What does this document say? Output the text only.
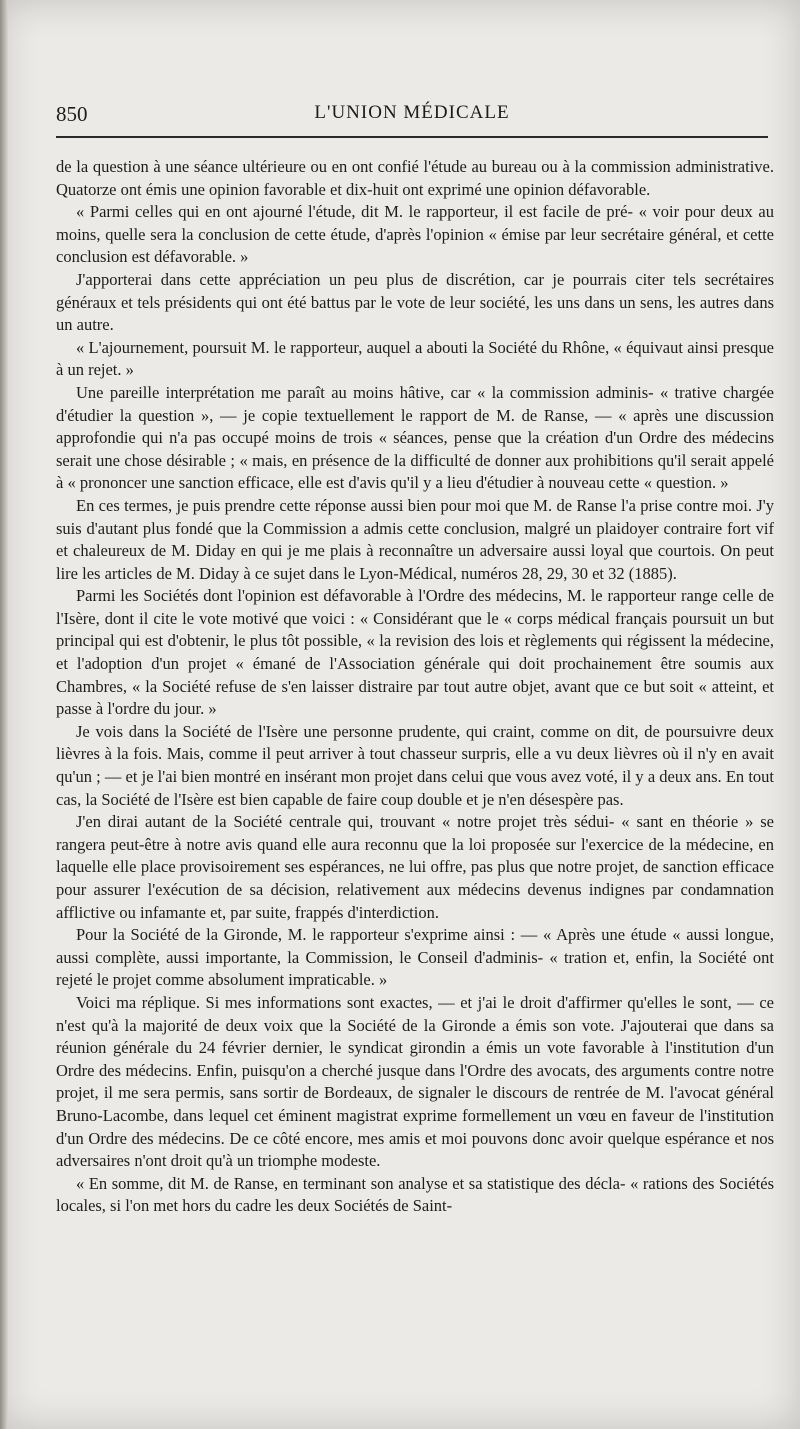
850	L'UNION MÉDICALE

de la question à une séance ultérieure ou en ont confié l'étude au bureau ou à la commission administrative. Quatorze ont émis une opinion favorable et dix-huit ont exprimé une opinion défavorable.

« Parmi celles qui en ont ajourné l'étude, dit M. le rapporteur, il est facile de pré- « voir pour deux au moins, quelle sera la conclusion de cette étude, d'après l'opinion « émise par leur secrétaire général, et cette conclusion est défavorable. »

J'apporterai dans cette appréciation un peu plus de discrétion, car je pourrais citer tels secrétaires généraux et tels présidents qui ont été battus par le vote de leur société, les uns dans un sens, les autres dans un autre.

« L'ajournement, poursuit M. le rapporteur, auquel a abouti la Société du Rhône, « équivaut ainsi presque à un rejet. »

Une pareille interprétation me paraît au moins hâtive, car « la commission adminis- « trative chargée d'étudier la question », — je copie textuellement le rapport de M. de Ranse, — « après une discussion approfondie qui n'a pas occupé moins de trois « séances, pense que la création d'un Ordre des médecins serait une chose désirable ; « mais, en présence de la difficulté de donner aux prohibitions qu'il serait appelé à « prononcer une sanction efficace, elle est d'avis qu'il y a lieu d'étudier à nouveau cette « question. »

En ces termes, je puis prendre cette réponse aussi bien pour moi que M. de Ranse l'a prise contre moi. J'y suis d'autant plus fondé que la Commission a admis cette conclusion, malgré un plaidoyer contraire fort vif et chaleureux de M. Diday en qui je me plais à reconnaître un adversaire aussi loyal que courtois. On peut lire les articles de M. Diday à ce sujet dans le Lyon-Médical, numéros 28, 29, 30 et 32 (1885).

Parmi les Sociétés dont l'opinion est défavorable à l'Ordre des médecins, M. le rapporteur range celle de l'Isère, dont il cite le vote motivé que voici : « Considérant que le « corps médical français poursuit un but principal qui est d'obtenir, le plus tôt possible, « la revision des lois et règlements qui régissent la médecine, et l'adoption d'un projet « émané de l'Association générale qui doit prochainement être soumis aux Chambres, « la Société refuse de s'en laisser distraire par tout autre objet, avant que ce but soit « atteint, et passe à l'ordre du jour. »

Je vois dans la Société de l'Isère une personne prudente, qui craint, comme on dit, de poursuivre deux lièvres à la fois. Mais, comme il peut arriver à tout chasseur surpris, elle a vu deux lièvres où il n'y en avait qu'un ; — et je l'ai bien montré en insérant mon projet dans celui que vous avez voté, il y a deux ans. En tout cas, la Société de l'Isère est bien capable de faire coup double et je n'en désespère pas.

J'en dirai autant de la Société centrale qui, trouvant « notre projet très sédui- « sant en théorie » se rangera peut-être à notre avis quand elle aura reconnu que la loi proposée sur l'exercice de la médecine, en laquelle elle place provisoirement ses espérances, ne lui offre, pas plus que notre projet, de sanction efficace pour assurer l'exécution de sa décision, relativement aux médecins devenus indignes par condamnation afflictive ou infamante et, par suite, frappés d'interdiction.

Pour la Société de la Gironde, M. le rapporteur s'exprime ainsi : — « Après une étude « aussi longue, aussi complète, aussi importante, la Commission, le Conseil d'adminis- « tration et, enfin, la Société ont rejeté le projet comme absolument impraticable. »

Voici ma réplique. Si mes informations sont exactes, — et j'ai le droit d'affirmer qu'elles le sont, — ce n'est qu'à la majorité de deux voix que la Société de la Gironde a émis son vote. J'ajouterai que dans sa réunion générale du 24 février dernier, le syndicat girondin a émis un vote favorable à l'institution d'un Ordre des médecins. Enfin, puisqu'on a cherché jusque dans l'Ordre des avocats, des arguments contre notre projet, il me sera permis, sans sortir de Bordeaux, de signaler le discours de rentrée de M. l'avocat général Bruno-Lacombe, dans lequel cet éminent magistrat exprime formellement un vœu en faveur de l'institution d'un Ordre des médecins. De ce côté encore, mes amis et moi pouvons donc avoir quelque espérance et nos adversaires n'ont droit qu'à un triomphe modeste.

« En somme, dit M. de Ranse, en terminant son analyse et sa statistique des décla- « rations des Sociétés locales, si l'on met hors du cadre les deux Sociétés de Saint-
